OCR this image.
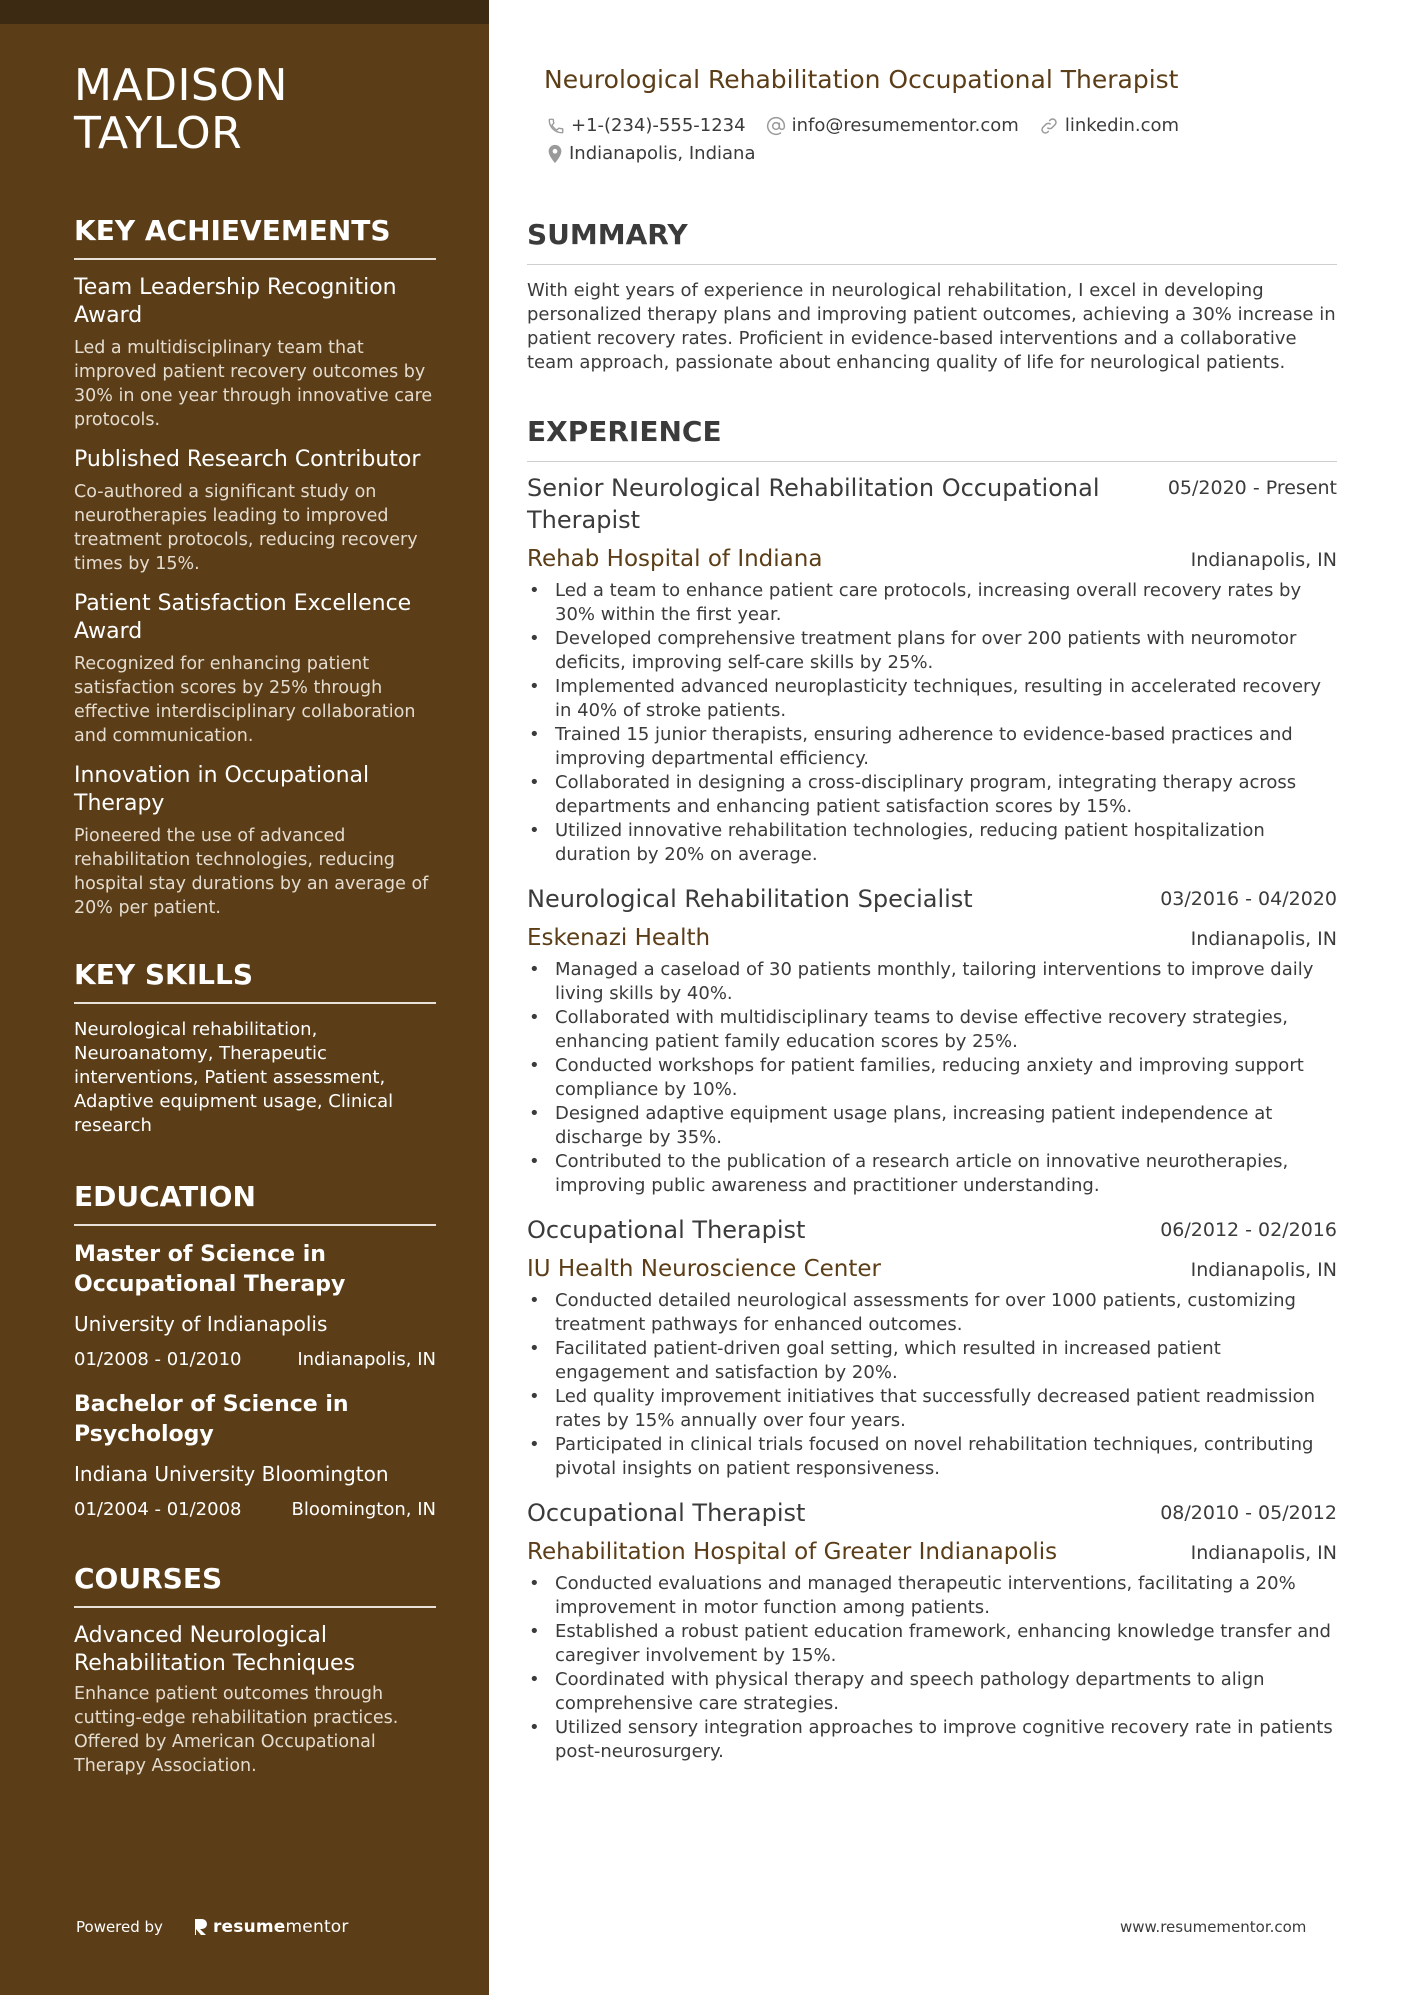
MADISON
TAYLOR
KEY ACHIEVEMENTS
Team Leadership Recognition Award
Led a multidisciplinary team that improved patient recovery outcomes by 30% in one year through innovative care protocols.
Published Research Contributor
Co-authored a significant study on neurotherapies leading to improved treatment protocols, reducing recovery times by 15%.
Patient Satisfaction Excellence Award
Recognized for enhancing patient satisfaction scores by 25% through effective interdisciplinary collaboration and communication.
Innovation in Occupational Therapy
Pioneered the use of advanced rehabilitation technologies, reducing hospital stay durations by an average of 20% per patient.
KEY SKILLS
Neurological rehabilitation, Neuroanatomy, Therapeutic interventions, Patient assessment, Adaptive equipment usage, Clinical research
EDUCATION
Master of Science in Occupational Therapy
University of Indianapolis
01/2008 - 01/2010	Indianapolis, IN
Bachelor of Science in Psychology
Indiana University Bloomington
01/2004 - 01/2008	Bloomington, IN
COURSES
Advanced Neurological Rehabilitation Techniques
Enhance patient outcomes through cutting-edge rehabilitation practices. Offered by American Occupational Therapy Association.
Powered by	resumementor
Neurological Rehabilitation Occupational Therapist
+1-(234)-555-1234	info@resumementor.com	linkedin.com
Indianapolis, Indiana
SUMMARY

With eight years of experience in neurological rehabilitation, I excel in developing personalized therapy plans and improving patient outcomes, achieving a 30% increase in patient recovery rates. Proficient in evidence-based interventions and a collaborative team approach, passionate about enhancing quality of life for neurological patients.

EXPERIENCE
Senior Neurological Rehabilitation Occupational Therapist
05/2020 - Present
Rehab Hospital of Indiana	Indianapolis, IN
• Led a team to enhance patient care protocols, increasing overall recovery rates by 30% within the first year.
• Developed comprehensive treatment plans for over 200 patients with neuromotor deficits, improving self-care skills by 25%.
• Implemented advanced neuroplasticity techniques, resulting in accelerated recovery in 40% of stroke patients.
• Trained 15 junior therapists, ensuring adherence to evidence-based practices and improving departmental efficiency.
• Collaborated in designing a cross-disciplinary program, integrating therapy across departments and enhancing patient satisfaction scores by 15%.
• Utilized innovative rehabilitation technologies, reducing patient hospitalization duration by 20% on average.
Neurological Rehabilitation Specialist	03/2016 - 04/2020
Eskenazi Health	Indianapolis, IN
• Managed a caseload of 30 patients monthly, tailoring interventions to improve daily living skills by 40%.
• Collaborated with multidisciplinary teams to devise effective recovery strategies, enhancing patient family education scores by 25%.
• Conducted workshops for patient families, reducing anxiety and improving support compliance by 10%.
• Designed adaptive equipment usage plans, increasing patient independence at discharge by 35%.
• Contributed to the publication of a research article on innovative neurotherapies, improving public awareness and practitioner understanding.
Occupational Therapist	06/2012 - 02/2016
IU Health Neuroscience Center	Indianapolis, IN
• Conducted detailed neurological assessments for over 1000 patients, customizing treatment pathways for enhanced outcomes.
• Facilitated patient-driven goal setting, which resulted in increased patient engagement and satisfaction by 20%.
• Led quality improvement initiatives that successfully decreased patient readmission rates by 15% annually over four years.
• Participated in clinical trials focused on novel rehabilitation techniques, contributing pivotal insights on patient responsiveness.
Occupational Therapist	08/2010 - 05/2012
Rehabilitation Hospital of Greater Indianapolis	Indianapolis, IN
• Conducted evaluations and managed therapeutic interventions, facilitating a 20% improvement in motor function among patients.
• Established a robust patient education framework, enhancing knowledge transfer and caregiver involvement by 15%.
• Coordinated with physical therapy and speech pathology departments to align comprehensive care strategies.
• Utilized sensory integration approaches to improve cognitive recovery rate in patients post-neurosurgery.
www.resumementor.com
